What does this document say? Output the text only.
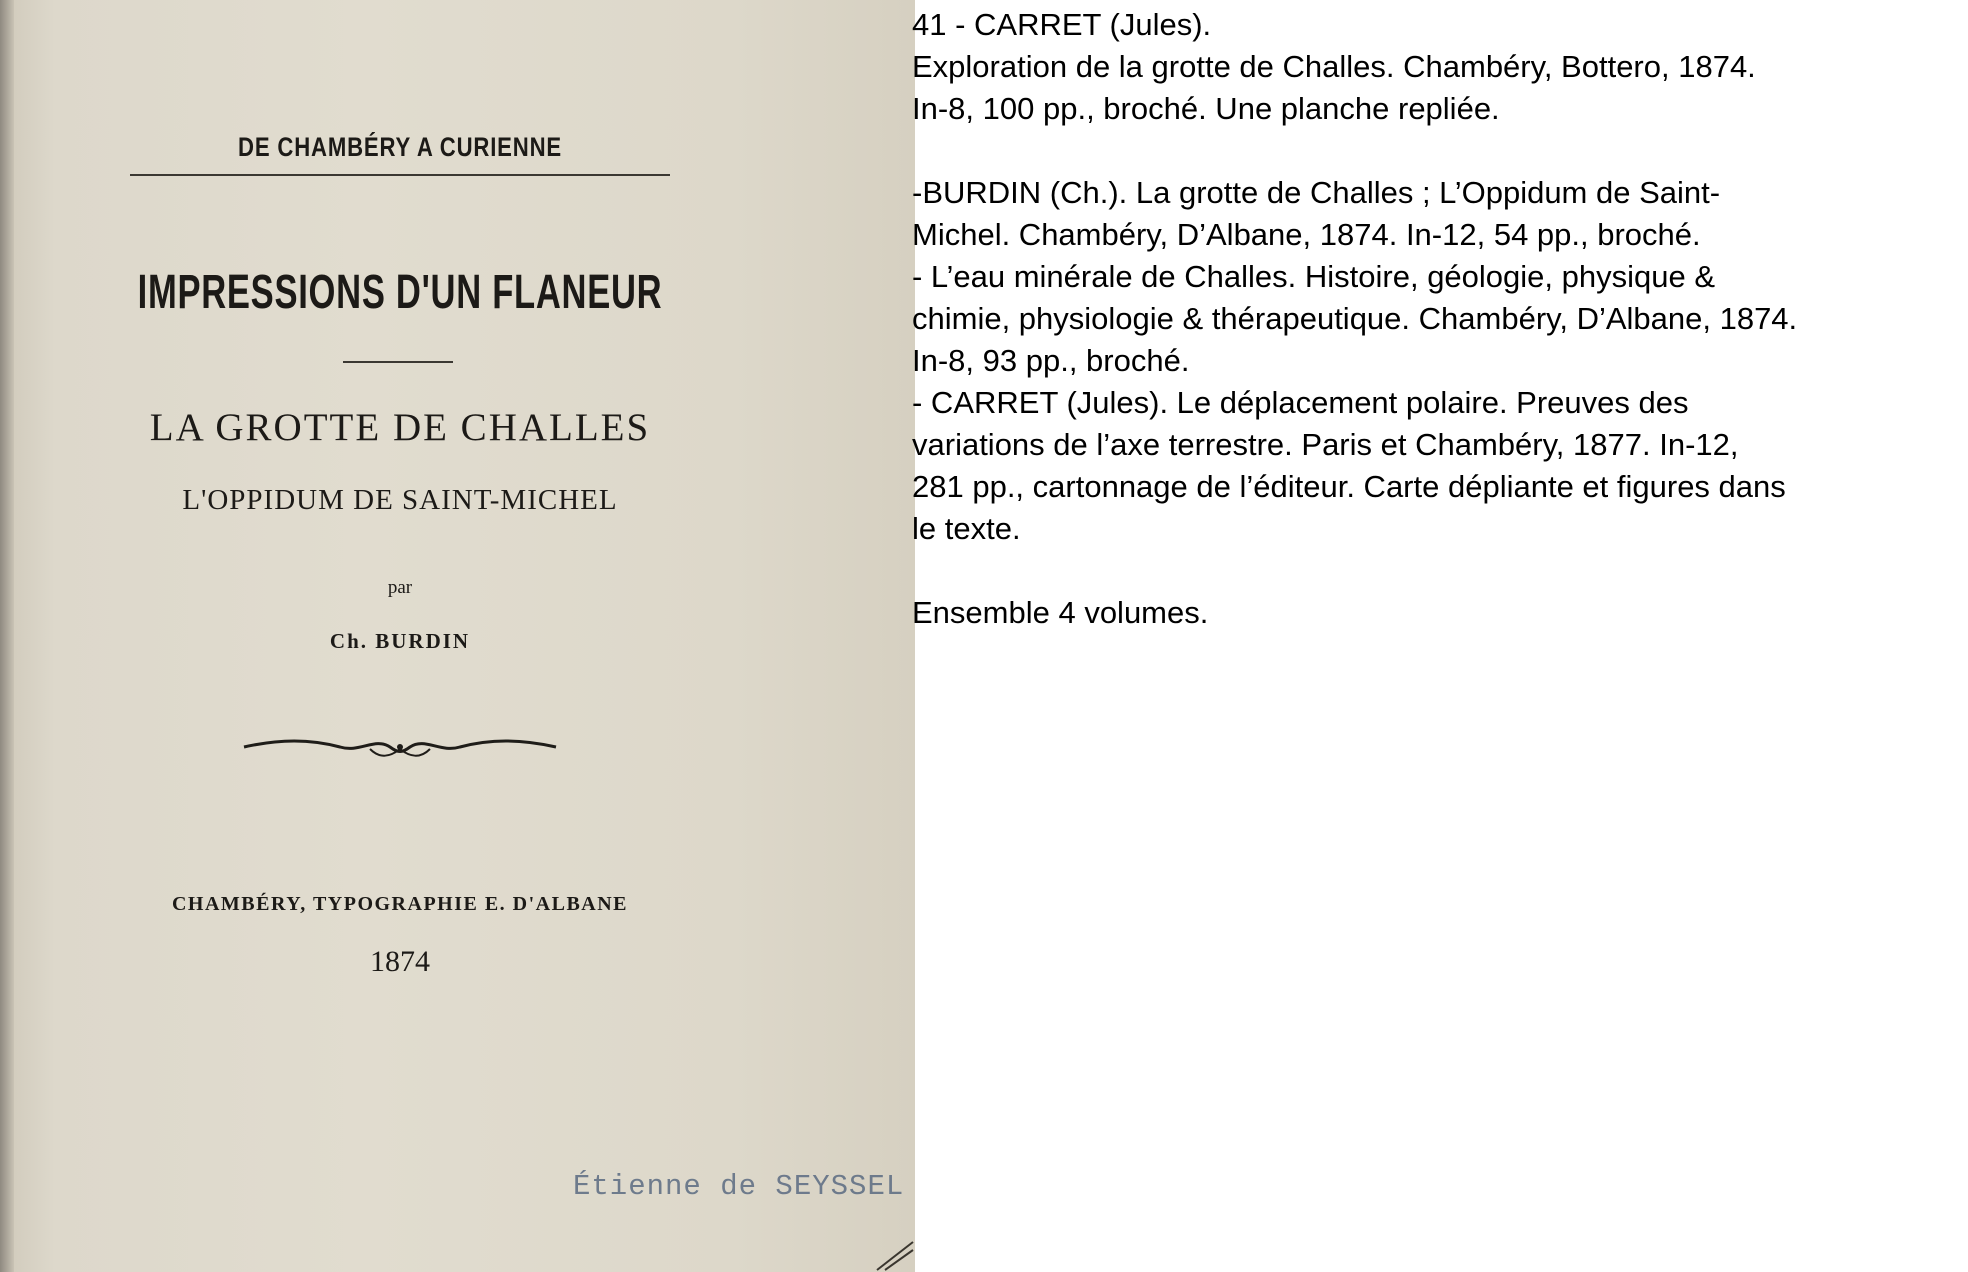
DE CHAMBÉRY A CURIENNE
IMPRESSIONS D'UN FLANEUR
LA GROTTE DE CHALLES
L'OPPIDUM DE SAINT-MICHEL
par
Ch. BURDIN
CHAMBÉRY, TYPOGRAPHIE E. D'ALBANE
1874
Étienne de SEYSSEL

41 - CARRET (Jules).

Exploration de la grotte de Challes. Chambéry, Bottero, 1874.

In-8, 100 pp., broché. Une planche repliée.

-BURDIN (Ch.). La grotte de Challes ; L’Oppidum de Saint-

Michel. Chambéry, D’Albane, 1874. In-12, 54 pp., broché.

- L’eau minérale de Challes. Histoire, géologie, physique &

chimie, physiologie & thérapeutique. Chambéry, D’Albane, 1874.

In-8, 93 pp., broché.

- CARRET (Jules). Le déplacement polaire. Preuves des

variations de l’axe terrestre. Paris et Chambéry, 1877. In-12,

281 pp., cartonnage de l’éditeur. Carte dépliante et figures dans

le texte.

Ensemble 4 volumes.
